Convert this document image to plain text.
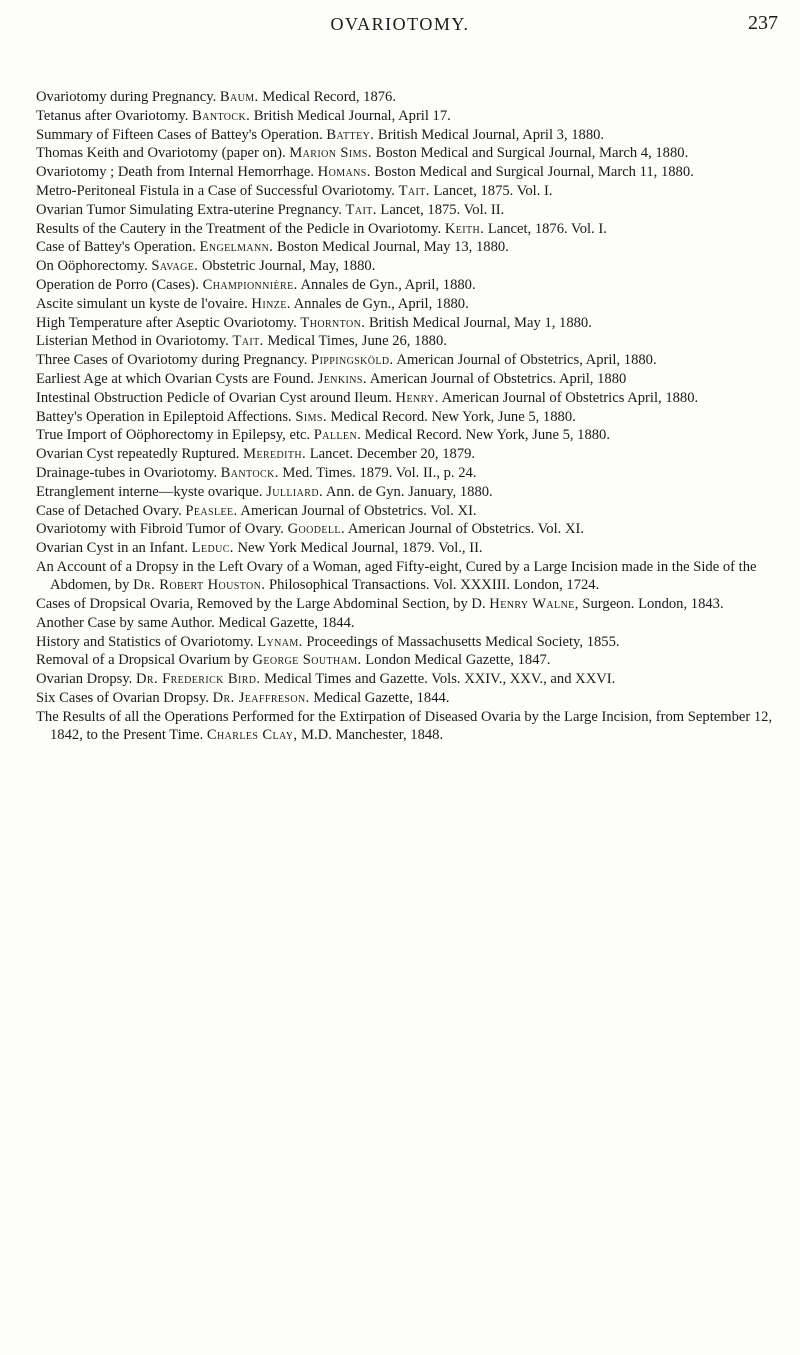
OVARIOTOMY.	237

Ovariotomy during Pregnancy. Baum. Medical Record, 1876.

Tetanus after Ovariotomy. Bantock. British Medical Journal, April 17.

Summary of Fifteen Cases of Battey's Operation. Battey. British Medical Journal, April 3, 1880.

Thomas Keith and Ovariotomy (paper on). Marion Sims. Boston Medical and Surgical Journal, March 4, 1880.

Ovariotomy ; Death from Internal Hemorrhage. Homans. Boston Medical and Surgical Journal, March 11, 1880.

Metro-Peritoneal Fistula in a Case of Successful Ovariotomy. Tait. Lancet, 1875. Vol. I.

Ovarian Tumor Simulating Extra-uterine Pregnancy. Tait. Lancet, 1875. Vol. II.

Results of the Cautery in the Treatment of the Pedicle in Ovariotomy. Keith. Lancet, 1876. Vol. I.

Case of Battey's Operation. Engelmann. Boston Medical Journal, May 13, 1880.

On Oöphorectomy. Savage. Obstetric Journal, May, 1880.

Operation de Porro (Cases). Championnière. Annales de Gyn., April, 1880.

Ascite simulant un kyste de l'ovaire. Hinze. Annales de Gyn., April, 1880.

High Temperature after Aseptic Ovariotomy. Thornton. British Medical Journal, May 1, 1880.

Listerian Method in Ovariotomy. Tait. Medical Times, June 26, 1880.

Three Cases of Ovariotomy during Pregnancy. Pippingsköld. American Journal of Obstetrics, April, 1880.

Earliest Age at which Ovarian Cysts are Found. Jenkins. American Journal of Obstetrics. April, 1880

Intestinal Obstruction Pedicle of Ovarian Cyst around Ileum. Henry. American Journal of Obstetrics April, 1880.

Battey's Operation in Epileptoid Affections. Sims. Medical Record. New York, June 5, 1880.

True Import of Oöphorectomy in Epilepsy, etc. Pallen. Medical Record. New York, June 5, 1880.

Ovarian Cyst repeatedly Ruptured. Meredith. Lancet. December 20, 1879.

Drainage-tubes in Ovariotomy. Bantock. Med. Times. 1879. Vol. II., p. 24.

Etranglement interne—kyste ovarique. Julliard. Ann. de Gyn. January, 1880.

Case of Detached Ovary. Peaslee. American Journal of Obstetrics. Vol. XI.

Ovariotomy with Fibroid Tumor of Ovary. Goodell. American Journal of Obstetrics. Vol. XI.

Ovarian Cyst in an Infant. Leduc. New York Medical Journal, 1879. Vol., II.

An Account of a Dropsy in the Left Ovary of a Woman, aged Fifty-eight, Cured by a Large Incision made in the Side of the Abdomen, by Dr. Robert Houston. Philosophical Transactions. Vol. XXXIII. London, 1724.

Cases of Dropsical Ovaria, Removed by the Large Abdominal Section, by D. Henry Walne, Surgeon. London, 1843.

Another Case by same Author. Medical Gazette, 1844.

History and Statistics of Ovariotomy. Lynam. Proceedings of Massachusetts Medical Society, 1855.

Removal of a Dropsical Ovarium by George Southam. London Medical Gazette, 1847.

Ovarian Dropsy. Dr. Frederick Bird. Medical Times and Gazette. Vols. XXIV., XXV., and XXVI.

Six Cases of Ovarian Dropsy. Dr. Jeaffreson. Medical Gazette, 1844.

The Results of all the Operations Performed for the Extirpation of Diseased Ovaria by the Large Incision, from September 12, 1842, to the Present Time. Charles Clay, M.D. Manchester, 1848.
